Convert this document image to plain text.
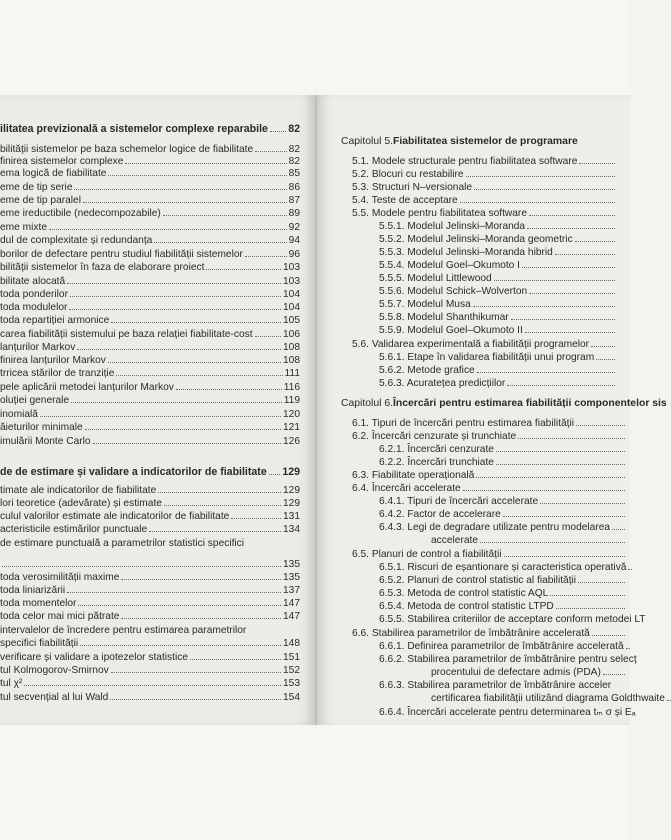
ilitatea previzională a sistemelor complexe reparabile 82
bilității sistemelor pe baza schemelor logice de fiabilitate	82
finirea sistemelor complexe	82
ema logică de fiabilitate	85
eme de tip serie	86
eme de tip paralel	87
eme ireductibile (nedecompozabile)	89
eme mixte	92
dul de complexitate și redundanța	94
borilor de defectare pentru studiul fiabilității sistemelor	96
bilității sistemelor în faza de elaborare proiect	103
bilitate alocată	103
toda ponderilor	104
toda modulelor	104
toda repartiției armonice	105
carea fiabilității sistemului pe baza relației fiabilitate-cost	106
lanțurilor Markov	108
finirea lanțurilor Markov	108
trricea stărilor de tranziție	111
pele aplicării metodei lanțurilor Markov	116
oluției generale	119
inomială	120
ăieturilor minimale	121
imulării Monte Carlo	126
de de estimare și validare a indicatorilor de fiabilitate 129
timate ale indicatorilor de fiabilitate	129
lori teoretice (adevărate) și estimate	129
culul valorilor estimate ale indicatorilor de fiabilitate	131
acteristicile estimărilor punctuale	134
de estimare punctuală a parametrilor statistici specifici
135
toda verosimilității maxime	135
toda liniarizării	137
toda momentelor	147
toda celor mai mici pătrate	147
intervalelor de încredere pentru estimarea parametrilor
specifici fiabilității	148
verificare și validare a ipotezelor statistice	151
tul Kolmogorov-Smirnov	152
tul χ²	153
tul secvențial al lui Wald	154
Capitolul 5. Fiabilitatea sistemelor de programare
5.1. Modele structurale pentru fiabilitatea software
5.2. Blocuri cu restabilire
5.3. Structuri N–versionale
5.4. Teste de acceptare
5.5. Modele pentru fiabilitatea software
5.5.1. Modelul Jelinski–Moranda
5.5.2. Modelul Jelinski–Moranda geometric
5.5.3. Modelul Jelinski–Moranda hibrid
5.5.4. Modelul Goel–Okumoto I
5.5.5. Modelul Littlewood
5.5.6. Modelul Schick–Wolverton
5.5.7. Modelul Musa
5.5.8. Modelul Shanthikumar
5.5.9. Modelul Goel–Okumoto II
5.6. Validarea experimentală a fiabilității programelor
5.6.1. Etape în validarea fiabilității unui program
5.6.2. Metode grafice
5.6.3. Acuratețea predicțiilor
Capitolul 6. Încercări pentru estimarea fiabilității componentelor sis
6.1. Tipuri de încercări pentru estimarea fiabilității
6.2. Încercări cenzurate și trunchiate
6.2.1. Încercări cenzurate
6.2.2. Încercări trunchiate
6.3. Fiabilitate operațională
6.4. Încercări accelerate
6.4.1. Tipuri de încercări accelerate
6.4.2. Factor de accelerare
6.4.3. Legi de degradare utilizate pentru modelarea
accelerate
6.5. Planuri de control a fiabilității
6.5.1. Riscuri de eșantionare și caracteristica operativă
6.5.2. Planuri de control statistic al fiabilității
6.5.3. Metoda de control statistic AQL
6.5.4. Metoda de control statistic LTPD
6.5.5. Stabilirea criteriilor de acceptare conform metodei LT
6.6. Stabilirea parametrilor de îmbătrânire accelerată
6.6.1. Definirea parametrilor de îmbătrânire accelerată
6.6.2. Stabilirea parametrilor de îmbătrânire pentru selecț
procentului de defectare admis (PDA)
6.6.3. Stabilirea parametrilor de îmbătrânire acceler
certificarea fiabilității utilizând diagrama Goldthwaite
6.6.4. Încercări accelerate pentru determinarea tₘ σ și Eₐ
